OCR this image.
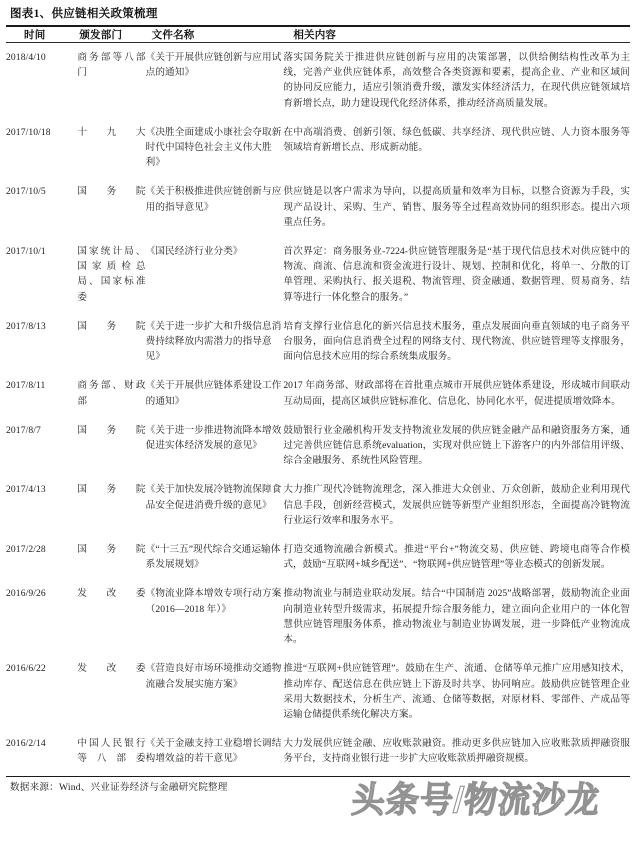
图表1、供应链相关政策梳理
时间	颁发部门	文件名称	相关内容
2018/4/10	商务部等八部门	《关于开展供应链创新与应用试点的通知》	落实国务院关于推进供应链创新与应用的决策部署，以供给侧结构性改革为主线，完善产业供应链体系，高效整合各类资源和要素，提高企业、产业和区域间的协同反应能力，适应引领消费升级，激发实体经济活力，在现代供应链领域培育新增长点，助力建设现代化经济体系，推动经济高质量发展。
2017/10/18	十九大	《决胜全面建成小康社会夺取新时代中国特色社会主义伟大胜利》	在中高端消费、创新引领、绿色低碳、共享经济、现代供应链、人力资本服务等领域培育新增长点、形成新动能。
2017/10/5	国务院	《关于积极推进供应链创新与应用的指导意见》	供应链是以客户需求为导向，以提高质量和效率为目标，以整合资源为手段，实现产品设计、采购、生产、销售、服务等全过程高效协同的组织形态。提出六项重点任务。
2017/10/1	国家统计局、国家质检总局、国家标准委	《国民经济行业分类》	首次界定：商务服务业-7224-供应链管理服务是“基于现代信息技术对供应链中的物流、商流、信息流和资金流进行设计、规划、控制和优化，将单一、分散的订单管理、采购执行、报关退税、物流管理、资金融通、数据管理、贸易商务、结算等进行一体化整合的服务。”
2017/8/13	国务院	《关于进一步扩大和升级信息消费持续释放内需潜力的指导意见》	培育支撑行业信息化的新兴信息技术服务，重点发展面向垂直领域的电子商务平台服务，面向信息消费全过程的网络支付、现代物流、供应链管理等支撑服务，面向信息技术应用的综合系统集成服务。
2017/8/11	商务部、财政部	《关于开展供应链体系建设工作的通知》	2017 年商务部、财政部将在首批重点城市开展供应链体系建设，形成城市间联动互动局面，提高区域供应链标准化、信息化、协同化水平，促进提质增效降本。
2017/8/7	国务院	《关于进一步推进物流降本增效促进实体经济发展的意见》	鼓励银行业金融机构开发支持物流业发展的供应链金融产品和融资服务方案，通过完善供应链信息系统evaluation，实现对供应链上下游客户的内外部信用评级、综合金融服务、系统性风险管理。
2017/4/13	国务院	《关于加快发展冷链物流保障食品安全促进消费升级的意见》	大力推广现代冷链物流理念，深入推进大众创业、万众创新，鼓励企业利用现代信息手段，创新经营模式，发展供应链等新型产业组织形态，全面提高冷链物流行业运行效率和服务水平。
2017/2/28	国务院	《“十三五”现代综合交通运输体系发展规划》	打造交通物流融合新模式。推进“平台+”物流交易、供应链、跨境电商等合作模式，鼓励“互联网+城乡配送”、“物联网+供应链管理”等业态模式的创新发展。
2016/9/26	发改委	《物流业降本增效专项行动方案（2016—2018 年）》	推动物流业与制造业联动发展。结合“中国制造 2025”战略部署，鼓励物流企业面向制造业转型升级需求，拓展提升综合服务能力，建立面向企业用户的一体化智慧供应链管理服务体系，推动物流业与制造业协调发展，进一步降低产业物流成本。
2016/6/22	发改委	《营造良好市场环境推动交通物流融合发展实施方案》	推进“互联网+供应链管理”。鼓励在生产、流通、仓储等单元推广应用感知技术，推动库存、配送信息在供应链上下游及时共享、协同响应。鼓励供应链管理企业采用大数据技术，分析生产、流通、仓储等数据，对原材料、零部件、产成品等运输仓储提供系统化解决方案。
2016/2/14	中国人民银行等八部委	《关于金融支持工业稳增长调结构增效益的若干意见》	大力发展供应链金融、应收账款融资。推动更多供应链加入应收账款质押融资服务平台，支持商业银行进一步扩大应收账款质押融资规模。
数据来源：Wind、兴业证券经济与金融研究院整理	头条号/物流沙龙
